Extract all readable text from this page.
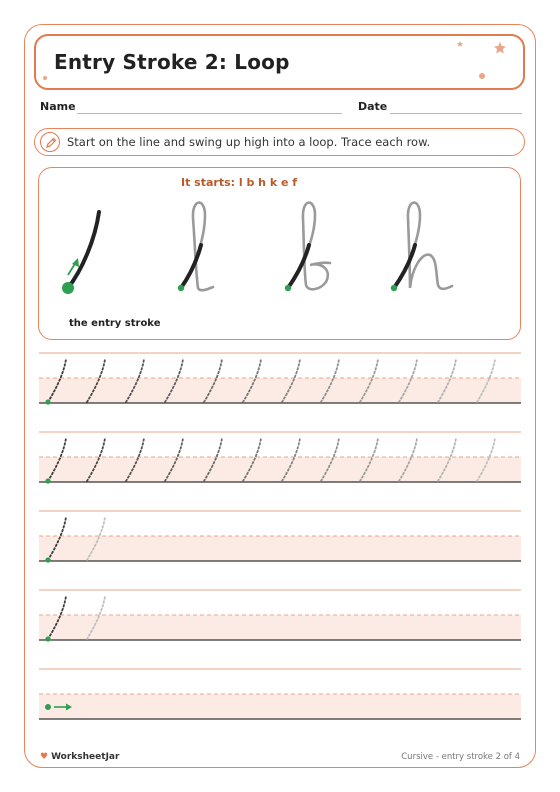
Entry Stroke 2: Loop
Name	Date
Start on the line and swing up high into a loop. Trace each row.
It starts: l b h k e f
the entry stroke
♥ WorksheetJar	Cursive - entry stroke 2 of 4
